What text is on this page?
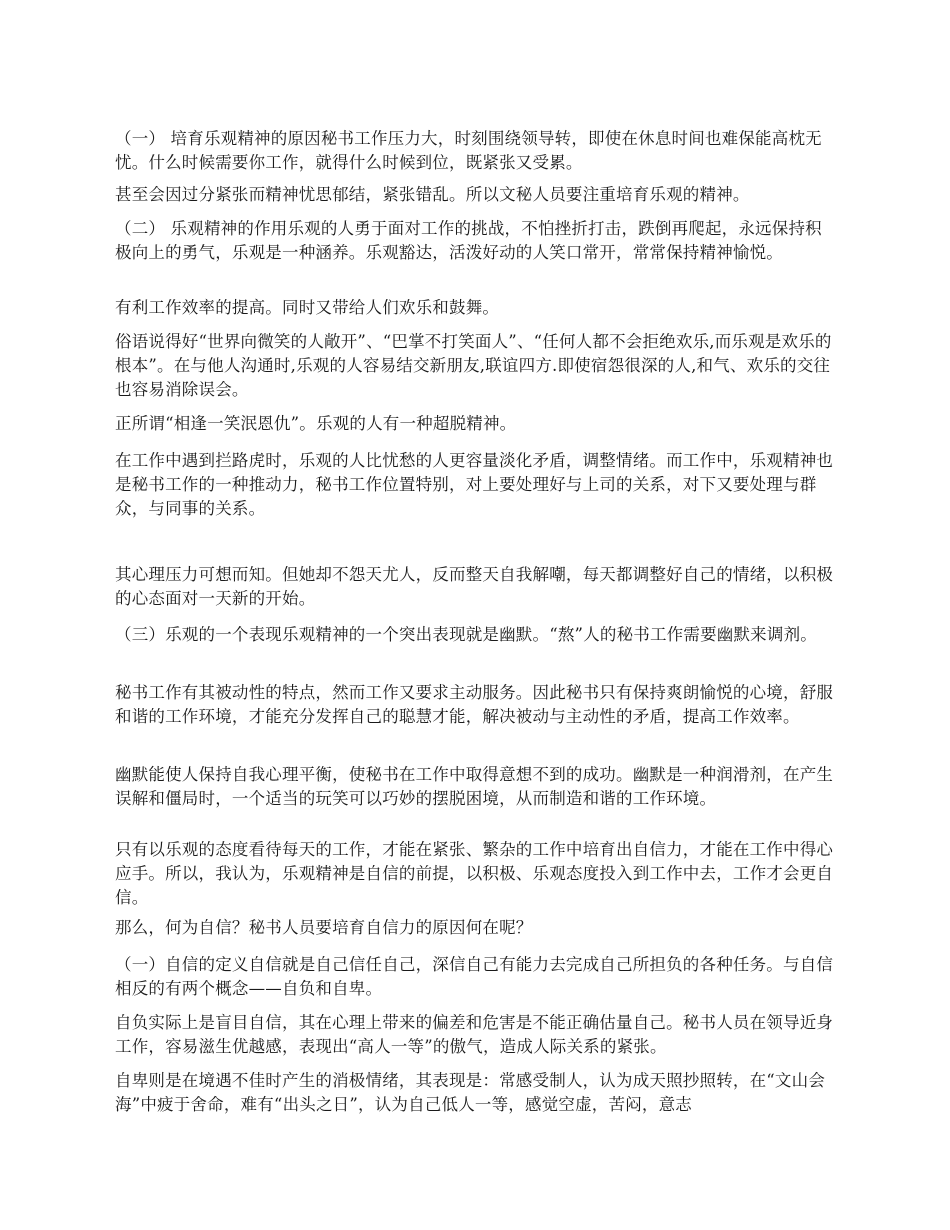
（一） 培育乐观精神的原因秘书工作压力大，时刻围绕领导转，即使在休息时间也难保能高枕无忧。什么时候需要你工作，就得什么时候到位，既紧张又受累。

甚至会因过分紧张而精神忧思郁结，紧张错乱。所以文秘人员要注重培育乐观的精神。

（二） 乐观精神的作用乐观的人勇于面对工作的挑战，不怕挫折打击，跌倒再爬起，永远保持积极向上的勇气，乐观是一种涵养。乐观豁达，活泼好动的人笑口常开，常常保持精神愉悦。

有利工作效率的提高。同时又带给人们欢乐和鼓舞。

俗语说得好“世界向微笑的人敞开”、“巴掌不打笑面人”、“任何人都不会拒绝欢乐,而乐观是欢乐的根本”。在与他人沟通时,乐观的人容易结交新朋友,联谊四方.即使宿怨很深的人,和气、欢乐的交往也容易消除误会。

正所谓“相逢一笑泯恩仇”。乐观的人有一种超脱精神。

在工作中遇到拦路虎时，乐观的人比忧愁的人更容量淡化矛盾，调整情绪。而工作中，乐观精神也是秘书工作的一种推动力，秘书工作位置特别，对上要处理好与上司的关系，对下又要处理与群众，与同事的关系。

其心理压力可想而知。但她却不怨天尤人，反而整天自我解嘲，每天都调整好自己的情绪，以积极的心态面对一天新的开始。

（三）乐观的一个表现乐观精神的一个突出表现就是幽默。“熬”人的秘书工作需要幽默来调剂。

秘书工作有其被动性的特点，然而工作又要求主动服务。因此秘书只有保持爽朗愉悦的心境，舒服和谐的工作环境，才能充分发挥自己的聪慧才能，解决被动与主动性的矛盾，提高工作效率。

幽默能使人保持自我心理平衡，使秘书在工作中取得意想不到的成功。幽默是一种润滑剂，在产生误解和僵局时，一个适当的玩笑可以巧妙的摆脱困境，从而制造和谐的工作环境。

只有以乐观的态度看待每天的工作，才能在紧张、繁杂的工作中培育出自信力，才能在工作中得心应手。所以，我认为，乐观精神是自信的前提，以积极、乐观态度投入到工作中去，工作才会更自信。

那么，何为自信？秘书人员要培育自信力的原因何在呢？

（一）自信的定义自信就是自己信任自己，深信自己有能力去完成自己所担负的各种任务。与自信相反的有两个概念——自负和自卑。

自负实际上是盲目自信，其在心理上带来的偏差和危害是不能正确估量自己。秘书人员在领导近身工作，容易滋生优越感，表现出“高人一等”的傲气，造成人际关系的紧张。

自卑则是在境遇不佳时产生的消极情绪，其表现是：常感受制人，认为成天照抄照转，在“文山会海”中疲于舍命，难有“出头之日”，认为自己低人一等，感觉空虚，苦闷，意志
